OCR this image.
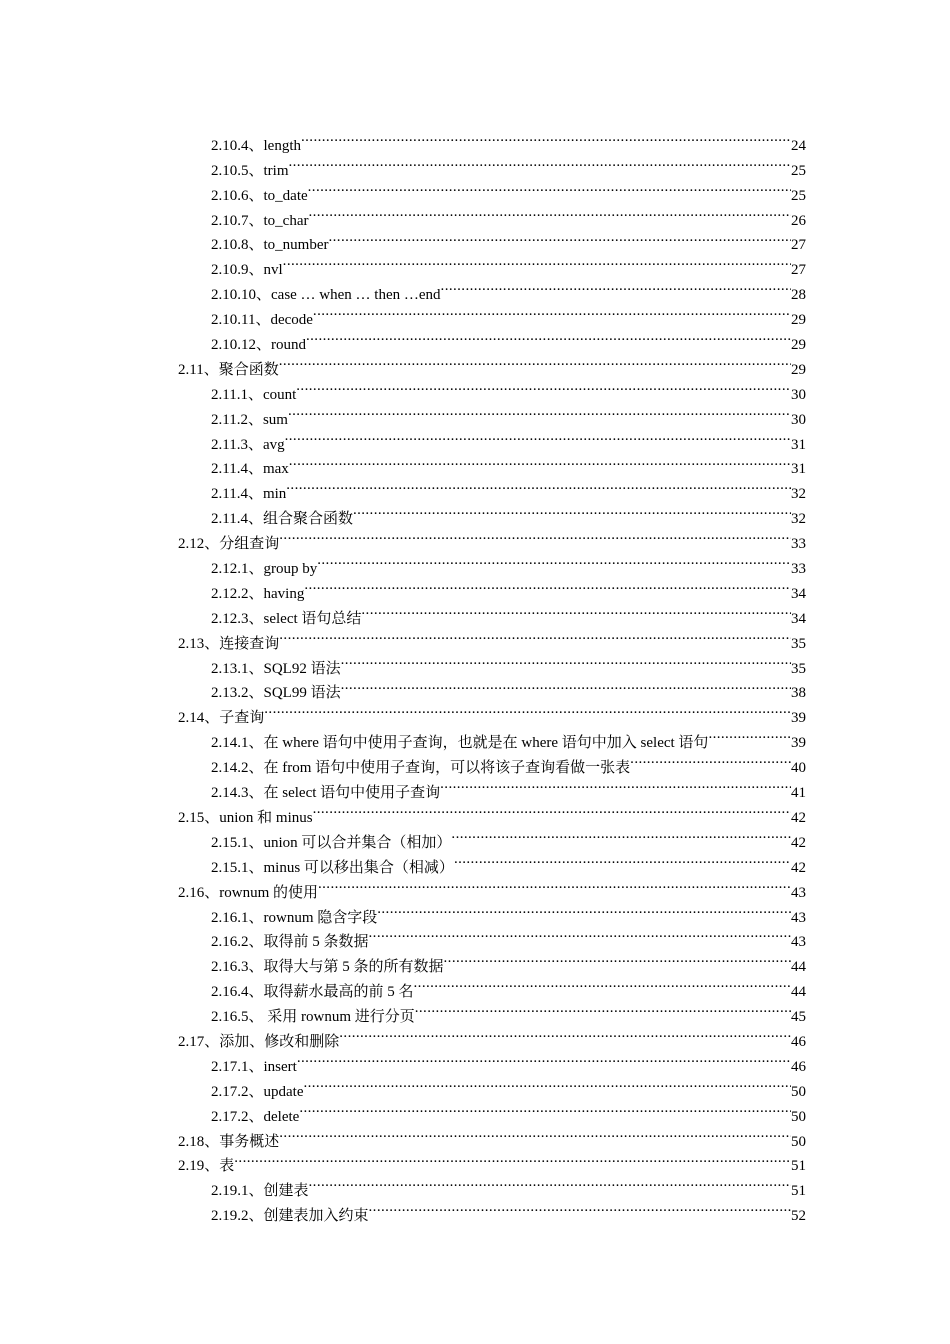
2.10.4、length .....	24
2.10.5、trim .....	25
2.10.6、to_date .....	25
2.10.7、to_char .....	26
2.10.8、to_number .....	27
2.10.9、nvl .....	27
2.10.10、case … when … then …end .....	28
2.10.11、decode .....	29
2.10.12、round .....	29
2.11、聚合函数 .....	29
2.11.1、count .....	30
2.11.2、sum .....	30
2.11.3、avg .....	31
2.11.4、max .....	31
2.11.4、min .....	32
2.11.4、组合聚合函数 .....	32
2.12、分组查询 .....	33
2.12.1、group by .....	33
2.12.2、having .....	34
2.12.3、select 语句总结 .....	34
2.13、连接查询 .....	35
2.13.1、SQL92 语法 .....	35
2.13.2、SQL99 语法 .....	38
2.14、子查询 .....	39
2.14.1、在 where 语句中使用子查询，也就是在 where 语句中加入 select 语句 .....	39
2.14.2、在 from 语句中使用子查询，可以将该子查询看做一张表 .....	40
2.14.3、在 select 语句中使用子查询 .....	41
2.15、union 和 minus .....	42
2.15.1、union 可以合并集合（相加） .....	42
2.15.1、minus 可以移出集合（相减） .....	42
2.16、rownum 的使用 .....	43
2.16.1、rownum 隐含字段 .....	43
2.16.2、取得前 5 条数据 .....	43
2.16.3、取得大与第 5 条的所有数据 .....	44
2.16.4、取得薪水最高的前 5 名 .....	44
2.16.5、 采用 rownum 进行分页 .....	45
2.17、添加、修改和删除 .....	46
2.17.1、insert .....	46
2.17.2、update .....	50
2.17.2、delete .....	50
2.18、事务概述 .....	50
2.19、表 .....	51
2.19.1、创建表 .....	51
2.19.2、创建表加入约束 .....	52
